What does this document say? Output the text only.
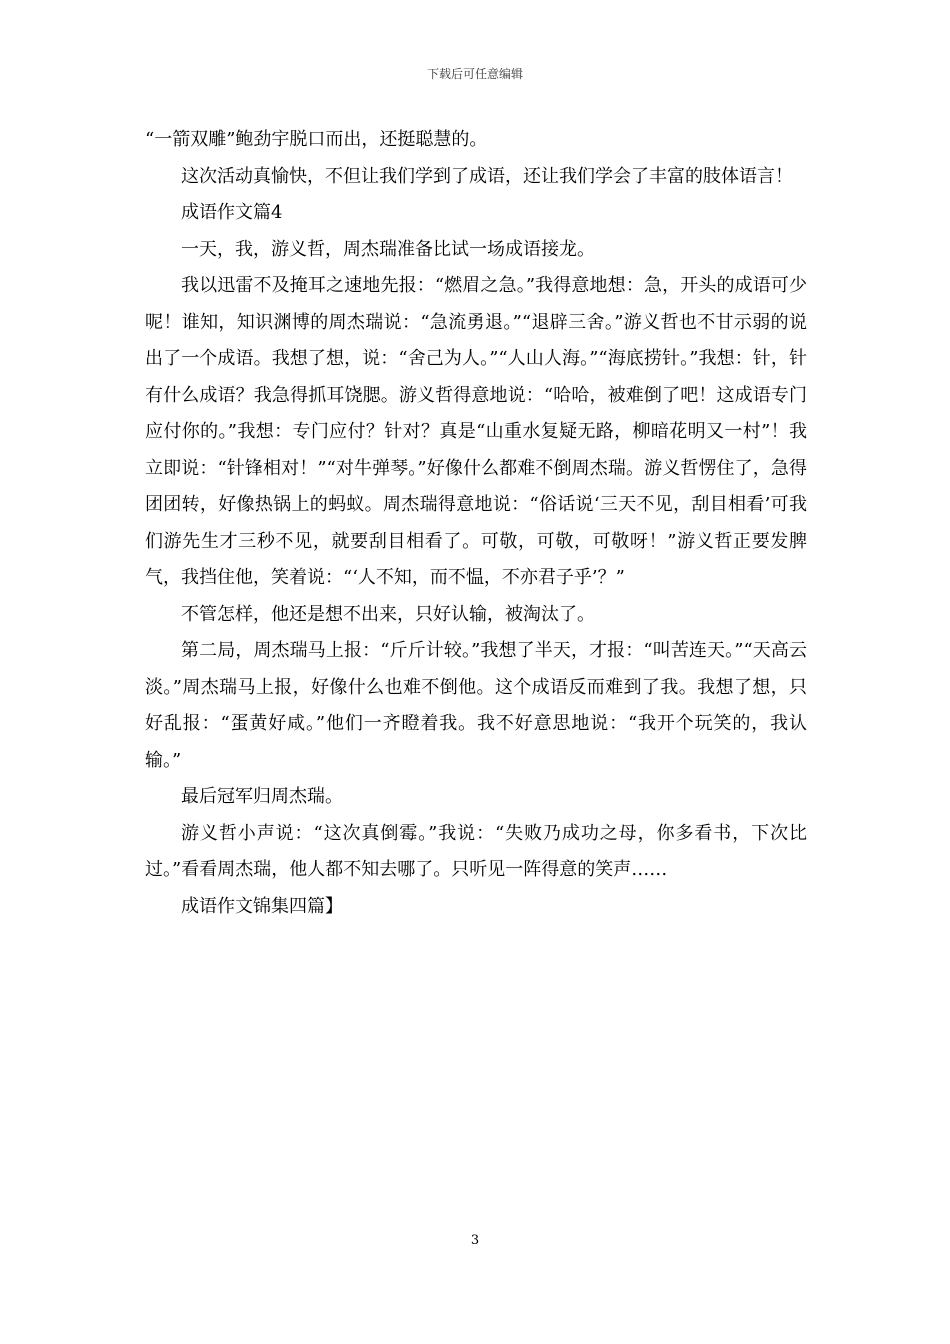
下载后可任意编辑

“一箭双雕”鲍劲宇脱口而出，还挺聪慧的。

这次活动真愉快，不但让我们学到了成语，还让我们学会了丰富的肢体语言！

成语作文篇4

一天，我，游义哲，周杰瑞准备比试一场成语接龙。

我以迅雷不及掩耳之速地先报：“燃眉之急。”我得意地想：急，开头的成语可少呢！谁知，知识渊博的周杰瑞说：“急流勇退。”“退辟三舍。”游义哲也不甘示弱的说出了一个成语。我想了想，说：“舍己为人。”“人山人海。”“海底捞针。”我想：针，针有什么成语？我急得抓耳饶腮。游义哲得意地说：“哈哈，被难倒了吧！这成语专门应付你的。”我想：专门应付？针对？真是“山重水复疑无路，柳暗花明又一村”！我立即说：“针锋相对！”“对牛弹琴。”好像什么都难不倒周杰瑞。游义哲愣住了，急得团团转，好像热锅上的蚂蚁。周杰瑞得意地说：“俗话说‘三天不见，刮目相看’可我们游先生才三秒不见，就要刮目相看了。可敬，可敬，可敬呀！”游义哲正要发脾气，我挡住他，笑着说：“‘人不知，而不愠，不亦君子乎’？”

不管怎样，他还是想不出来，只好认输，被淘汰了。

第二局，周杰瑞马上报：“斤斤计较。”我想了半天，才报：“叫苦连天。”“天高云淡。”周杰瑞马上报，好像什么也难不倒他。这个成语反而难到了我。我想了想，只好乱报：“蛋黄好咸。”他们一齐瞪着我。我不好意思地说：“我开个玩笑的，我认输。”

最后冠军归周杰瑞。

游义哲小声说：“这次真倒霉。”我说：“失败乃成功之母，你多看书，下次比过。”看看周杰瑞，他人都不知去哪了。只听见一阵得意的笑声……

成语作文锦集四篇】

3
